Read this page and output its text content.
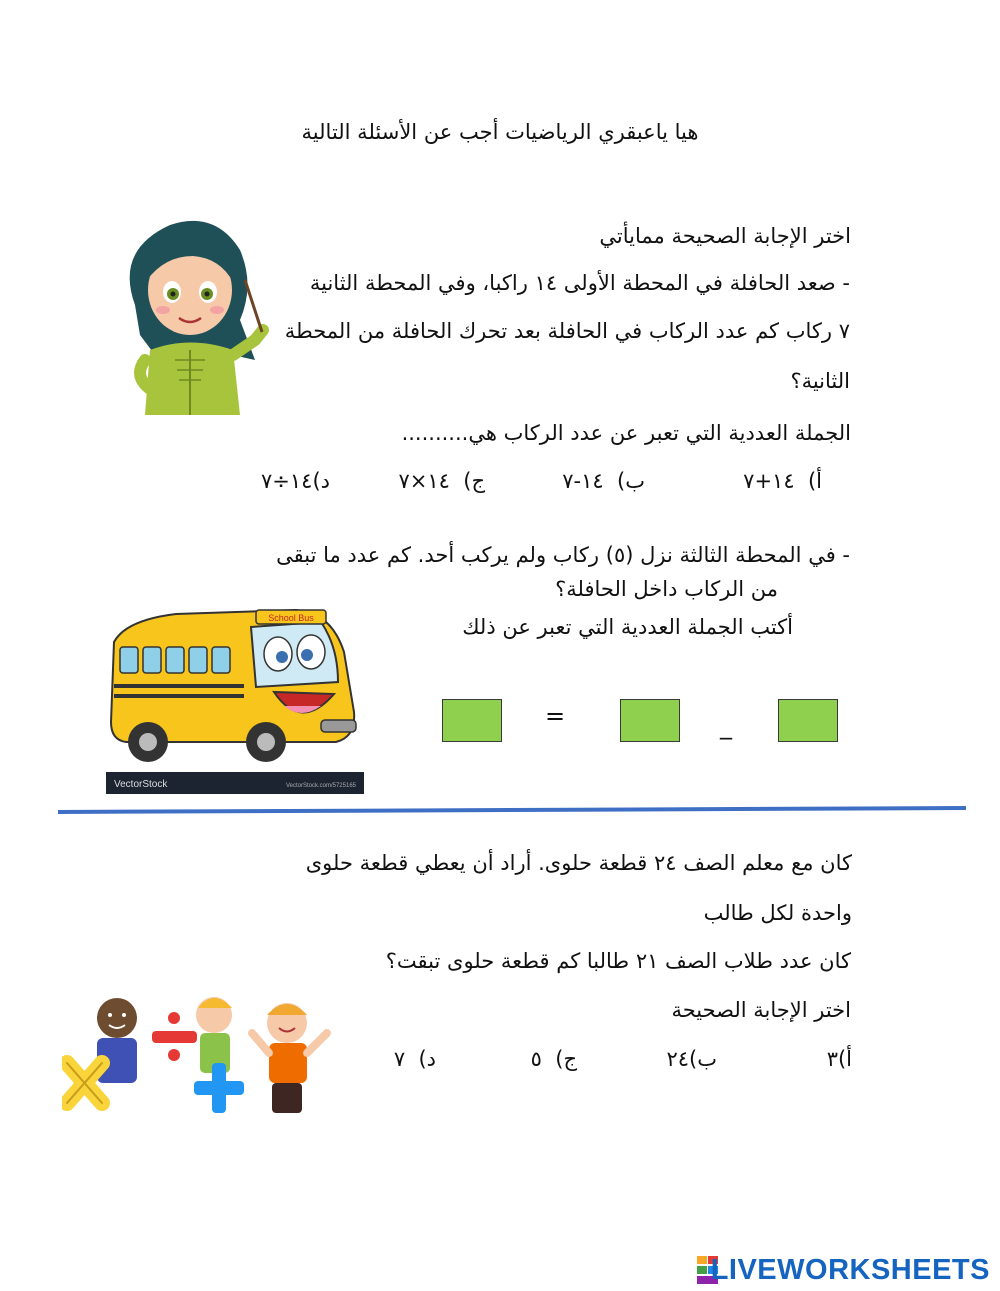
هيا ياعبقري الرياضيات أجب عن الأسئلة التالية
اختر الإجابة الصحيحة ممايأتي
- صعد الحافلة في المحطة الأولى ١٤ راكبا، وفي المحطة الثانية
٧ ركاب كم عدد الركاب في الحافلة بعد تحرك الحافلة من المحطة
الثانية؟
الجملة العددية التي تعبر عن عدد الركاب هي..........
أ)  ١٤+٧
ب)  ١٤-٧
ج)  ١٤×٧
د)١٤÷٧
- في المحطة الثالثة نزل (٥) ركاب ولم يركب أحد. كم عدد ما تبقى
من الركاب داخل الحافلة؟
أكتب الجملة العددية التي تعبر عن ذلك
School Bus
VectorStock	VectorStock.com/5725165
=	_
كان مع معلم الصف ٢٤ قطعة حلوى. أراد أن يعطي قطعة حلوى
واحدة لكل طالب
كان عدد طلاب الصف ٢١ طالبا كم قطعة حلوى تبقت؟
اختر الإجابة الصحيحة
أ)٣
ب)٢٤
ج)  ٥
د)  ٧
LIVEWORKSHEETS
